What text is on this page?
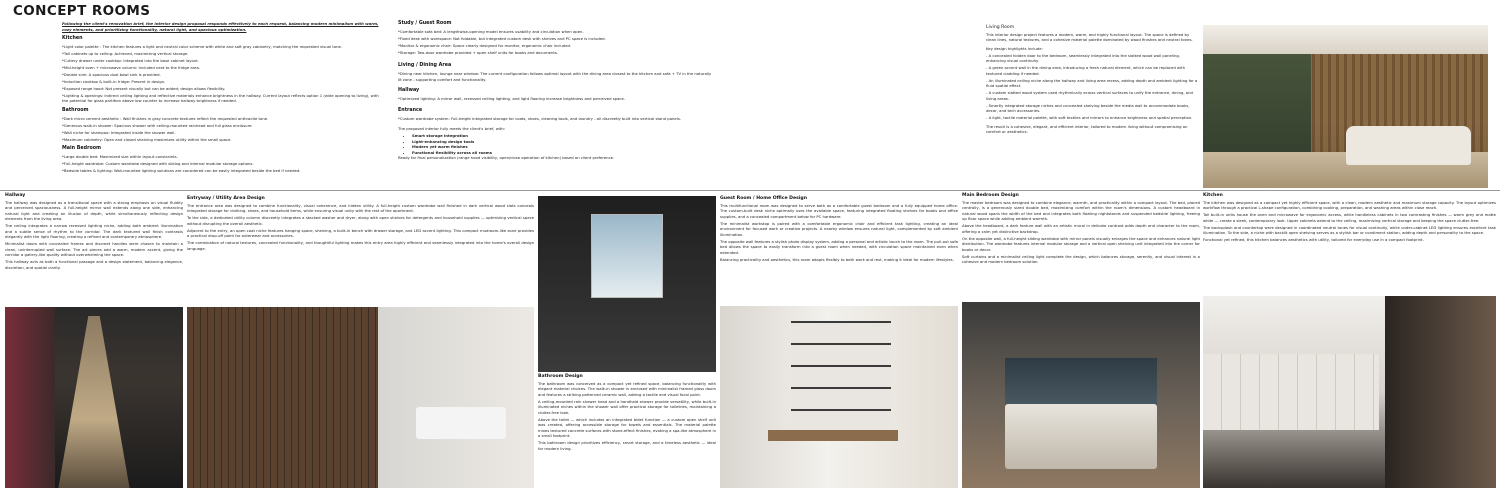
CONCEPT ROOMS

Following the client's renovation brief, the interior design proposal responds effectively to each request, balancing modern minimalism with warm, cozy elements, and prioritizing functionality, natural light, and spacious optimization.

Kitchen

*Light color palette : The kitchen features a light and neutral color scheme with white and soft gray cabinetry, matching the requested visual tone.

*Tall cabinets up to ceiling: Achieved, maximizing vertical storage.

*Cutlery drawer under cooktop: Integrated into the base cabinet layout.

*Mid-height oven + microwave column: Included next to the fridge area.

*Double sink: A spacious dual bowl sink is provided.

*Induction cooktop & built-in fridge: Present in design.

*Exposed range hood: Not present visually but can be added; design allows flexibility.

*Lighting & openings: Indirect ceiling lighting and reflective materials enhance brightness in the hallway. Current layout reflects option 1 (wide opening to living), with the potential for glass partition above low counter to increase hallway brightness if needed.

Bathroom

*Dark micro cement aesthetic : Wall finishes in gray concrete textures reflect the requested anthracite tone.

*Generous walk-in shower: Spacious shower with ceiling-mounted rainhead and full glass enclosure.

*Wall niche for shampoo: Integrated inside the shower wall.

*Maximum cabinetry: Open and closed shelving maximizes utility within the small space.

Main Bedroom

*Large double bed: Maximized size within layout constraints.

*Full-height wardrobe: Custom wardrobe designed with sliding and internal modular storage options.

*Bedside tables & lighting: Wall-mounted lighting solutions are considered can be easily integrated beside the bed if needed.

Study / Guest Room

*Comfortable sofa bed: A lengthwise-opening model ensures usability and circulation when open.

*Fixed desk with workspace: Not foldable, but integrated custom desk with shelves and PC space is included.

*Monitor & ergonomic chair: Space clearly designed for monitor, ergonomic chair included.

*Storage: Two-door wardrobe provided + open shelf units for books and documents.

Living / Dining Area

*Dining near kitchen, lounge near window: The current configuration follows optimal layout with the dining area closest to the kitchen and sofa + TV in the naturally lit zone - supporting comfort and functionality.

Hallway

*Optimized lighting: A mirror wall, recessed ceiling lighting, and light flooring increase brightness and perceived space.

Entrance

*Custom wardrobe system: Full-height integrated storage for coats, shoes, cleaning tools, and laundry - all discreetly built into vertical stand panels.

The proposed interior fully meets the client's brief, with:

• Smart storage integration
• Light-enhancing design tools
• Modern yet warm finishes
• Functional flexibility across all rooms

Ready for final personalization (range hood visibility, open/close operation of kitchen) based on client preference.

Living Room

This interior design project features a modern, warm, and highly functional layout. The space is defined by clean lines, natural textures, and a cohesive material palette dominated by wood finishes and neutral tones.

Key design highlights include:

- A concealed hidden door to the bedroom, seamlessly integrated into the slatted wood wall paneling, enhancing visual continuity.

- A green accent wall in the dining area, introducing a fresh natural element, which can be replaced with textured cladding if needed.

- An illuminated ceiling niche along the hallway and living area recess, adding depth and ambient lighting for a fluid spatial effect.

- A custom slatted wood system used rhythmically across vertical surfaces to unify the entrance, dining, and living areas.

- Smartly integrated storage niches and concealed shelving beside the media wall to accommodate books, decor, and tech accessories.

- A light, tactile material palette, with soft textiles and mirrors to enhance brightness and spatial perception.

The result is a cohesive, elegant, and efficient interior, tailored to modern living without compromising on comfort or aesthetics.

Hallway

The hallway was designed as a transitional space with a strong emphasis on visual fluidity and perceived spaciousness. A full-height mirror wall extends along one side, enhancing natural light and creating an illusion of depth, while simultaneously reflecting design elements from the living area.

The ceiling integrates a narrow recessed lighting niche, adding both ambient illumination and a subtle sense of rhythm to the corridor. The dark textured wall finish contrasts elegantly with the light flooring, creating a refined and contemporary atmosphere.

Minimalist doors with concealed frames and discreet handles were chosen to maintain a clean, uninterrupted wall surface. The art pieces add a warm, modern accent, giving the corridor a gallery-like quality without overwhelming the space.

This hallway acts as both a functional passage and a design statement, balancing elegance, discretion, and spatial clarity.

Entryway / Utility Area Design

The entrance area was designed to combine functionality, visual coherence, and hidden utility. A full-height custom wardrobe wall finished in dark vertical wood slats conceals integrated storage for clothing, shoes, and household items, while ensuring visual unity with the rest of the apartment.

To the side, a dedicated utility column discreetly integrates a stacked washer and dryer, along with open shelves for detergents and household supplies — optimizing vertical space without disrupting the overall aesthetic.

Adjacent to the entry, an open coat niche features hanging space, shelving, a built-in bench with drawer storage, and LED accent lighting. This compact mudroom-like zone provides a practical drop-off point for outerwear and accessories.

The combination of natural textures, concealed functionality, and thoughtful lighting makes this entry area highly efficient and seamlessly integrated into the home's overall design language.

Bathroom Design

The bathroom was conceived as a compact yet refined space, balancing functionality with elegant material choices. The walk-in shower is enclosed with minimalist framed glass doors and features a striking patterned ceramic wall, adding a tactile and visual focal point.

A ceiling-mounted rain shower head and a handheld shower provide versatility, while built-in illuminated niches within the shower wall offer practical storage for toiletries, maintaining a clutter-free look.

Above the toilet — which includes an integrated bidet function — a custom open shelf unit was created, offering accessible storage for towels and essentials. The material palette mixes textured concrete surfaces with stone-effect finishes, evoking a spa-like atmosphere in a small footprint.

This bathroom design prioritizes efficiency, smart storage, and a timeless aesthetic — ideal for modern living.

Guest Room / Home Office Design

This multifunctional room was designed to serve both as a comfortable guest bedroom and a fully equipped home office. The custom-built desk niche optimally uses the available space, featuring integrated floating shelves for books and office supplies, and a concealed compartment below for PC hardware.

The minimalist workstop is paired with a comfortable ergonomic chair and efficient task lighting, creating an ideal environment for focused work or creative projects. A nearby window ensures natural light, complemented by soft ambient illumination.

The opposite wall features a stylish photo display system, adding a personal and artistic touch to the room. The pull-out sofa bed allows the space to easily transform into a guest room when needed, with circulation space maintained even when extended.

Balancing practicality and aesthetics, this room adapts flexibly to both work and rest, making it ideal for modern lifestyles.

Main Bedroom Design

The master bedroom was designed to combine elegance, warmth, and practicality within a compact layout. The bed, placed centrally, is a generously sized double bed, maximizing comfort within the room's dimensions. A custom headboard in natural wood spans the width of the bed and integrates both floating nightstands and suspended bedside lighting, freeing up floor space while adding ambient warmth.

Above the headboard, a dark feature wall with an artistic mural in delicate contrast adds depth and character to the room, offering a calm yet distinctive backdrop.

On the opposite wall, a full-height sliding wardrobe with mirror panels visually enlarges the space and enhances natural light distribution. The wardrobe features internal modular storage and a vertical open shelving unit integrated into the corner for books or decor.

Soft curtains and a minimalist ceiling light complete the design, which balances storage, serenity, and visual interest in a cohesive and modern bedroom solution.

Kitchen

The kitchen was designed as a compact yet highly efficient space, with a clean, modern aesthetic and maximum storage capacity. The layout optimizes workflow through a practical L-shape configuration, combining cooking, preparation, and washing areas within close reach.

Tall built-in units house the oven and microwave for ergonomic access, while handleless cabinets in two contrasting finishes — warm grey and matte white — create a sleek, contemporary look. Upper cabinets extend to the ceiling, maximizing vertical storage and keeping the space clutter-free.

The backsplash and countertop were designed in coordinated neutral tones for visual continuity, while under-cabinet LED lighting ensures excellent task illumination. To the side, a niche with backlit open shelving serves as a stylish bar or condiment station, adding depth and personality to the space.

Functional yet refined, this kitchen balances aesthetics with utility, tailored for everyday use in a compact footprint.
